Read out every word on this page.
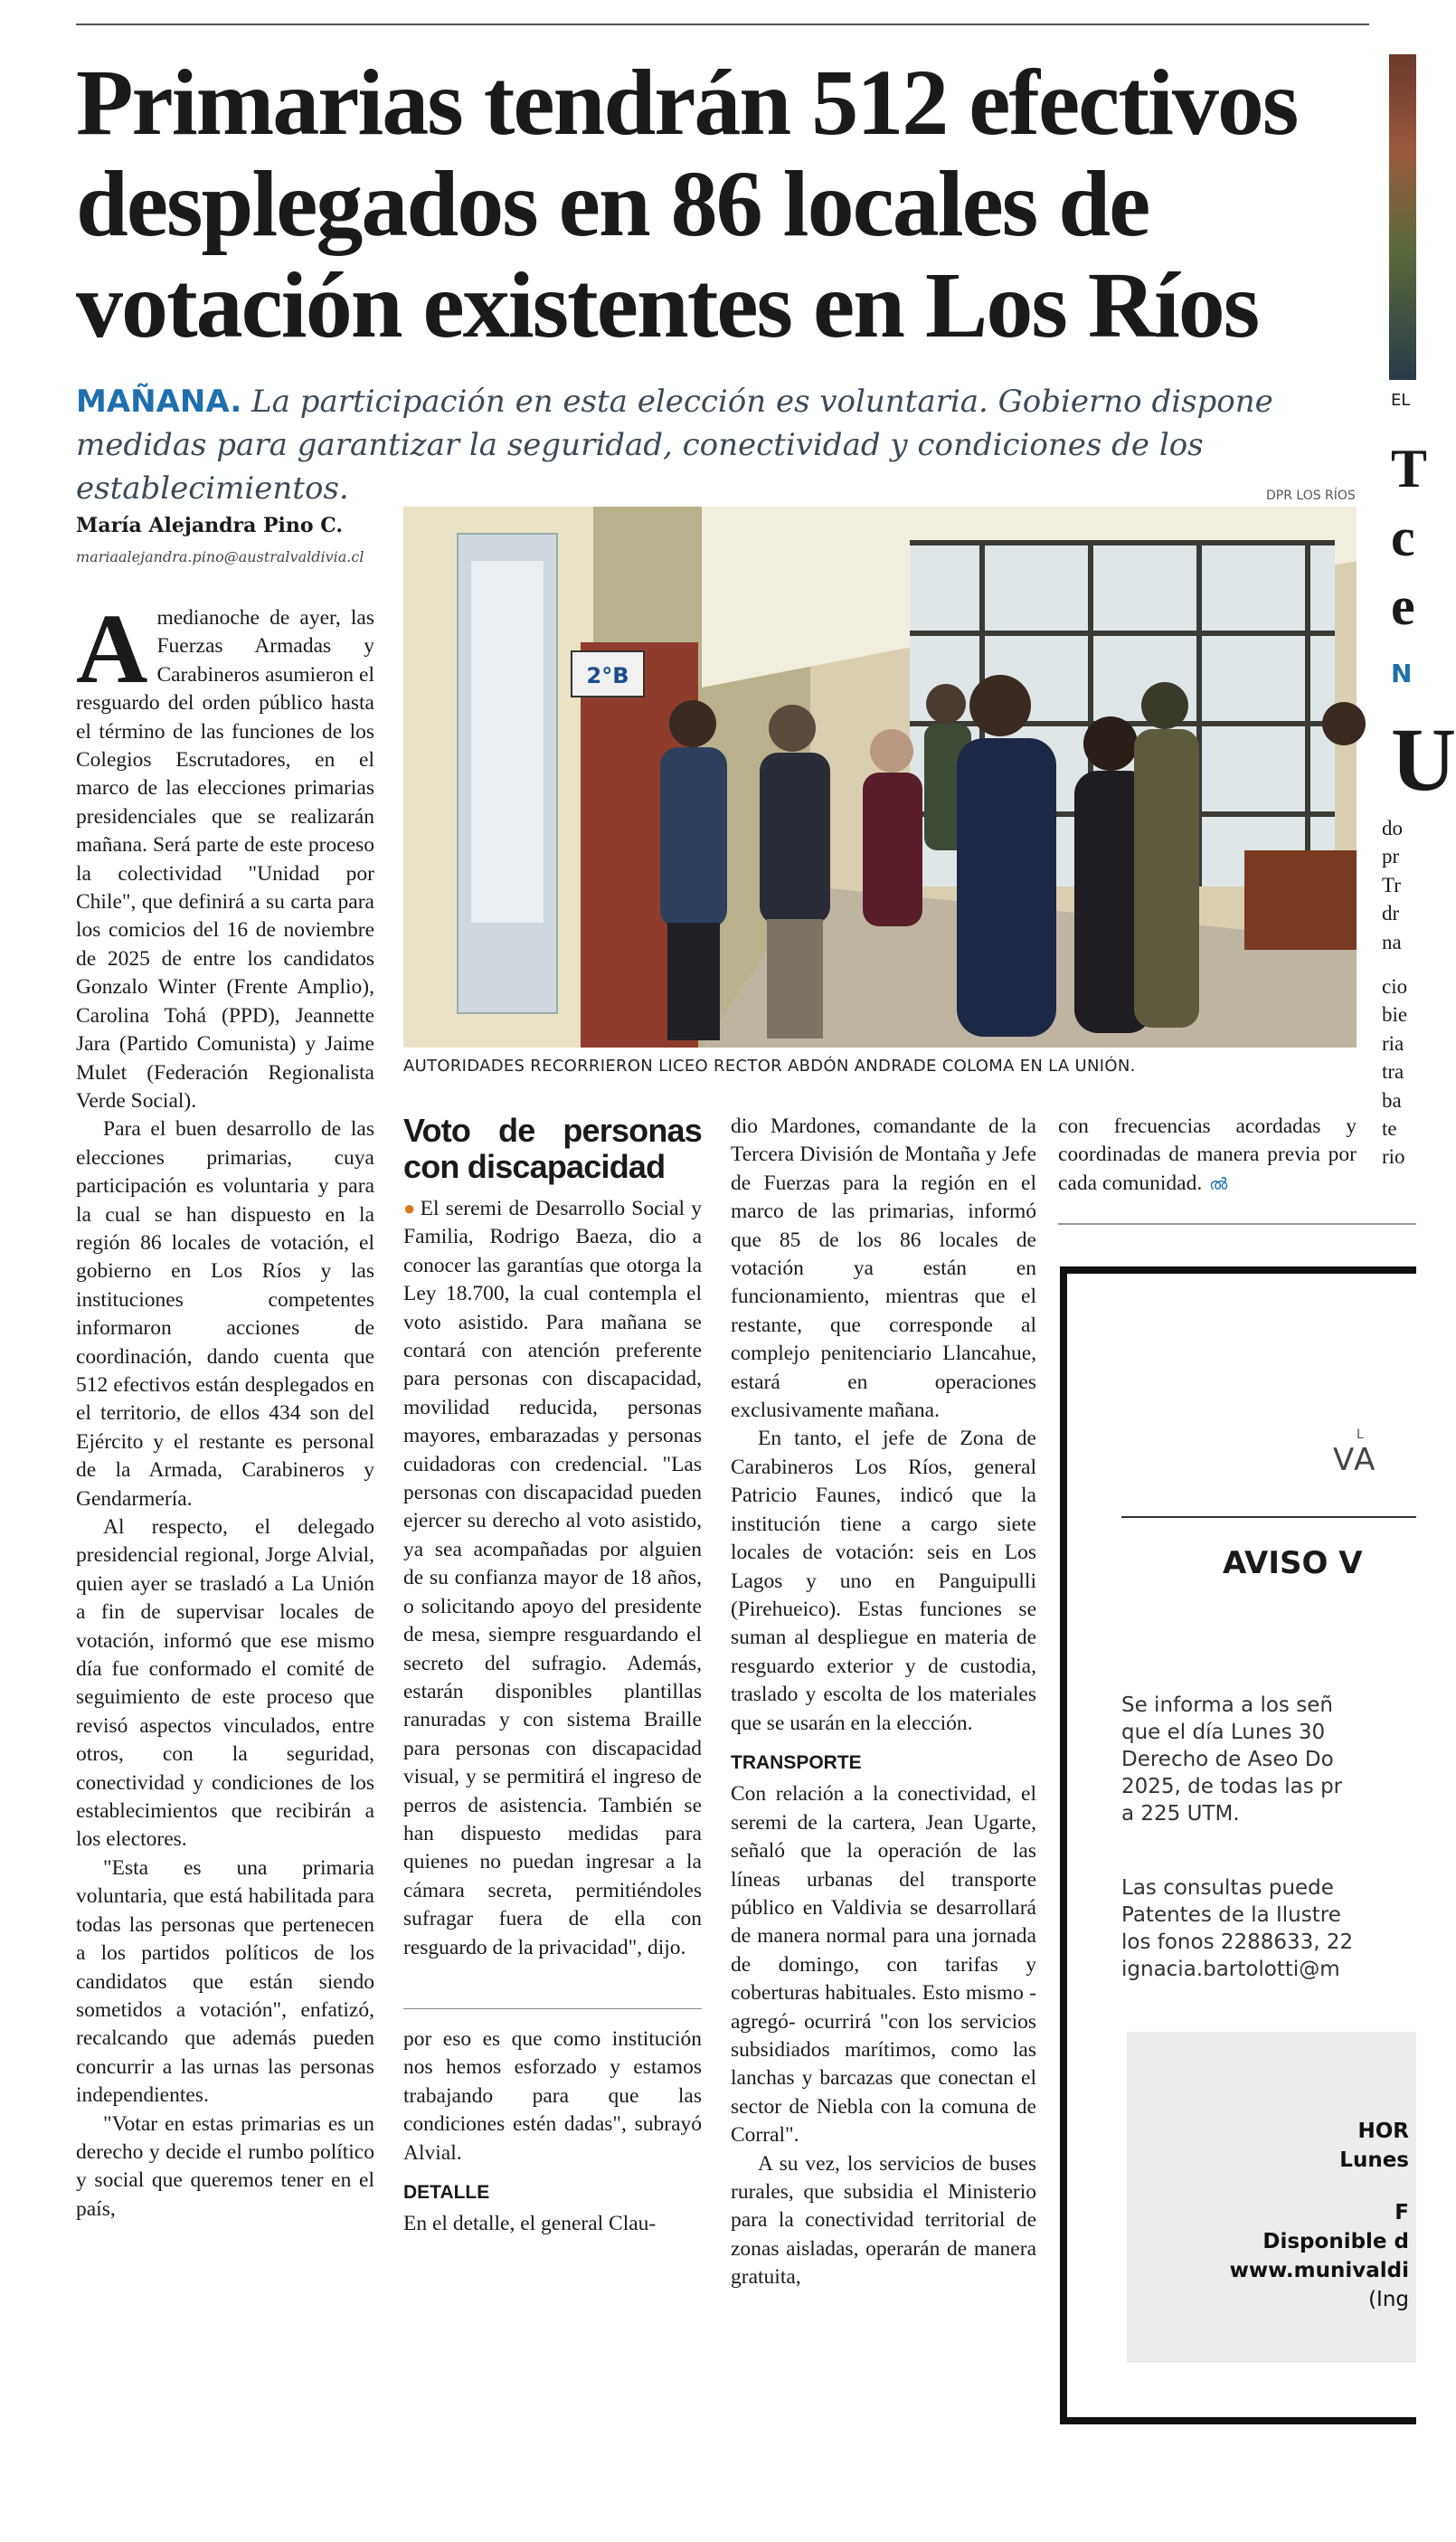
Primarias tendrán 512 efectivos
desplegados en 86 locales de
votación existentes en Los Ríos
MAÑANA. La participación en esta elección es voluntaria. Gobierno dispone medidas para garantizar la seguridad, conectividad y condiciones de los establecimientos.
María Alejandra Pino C.
mariaalejandra.pino@australvaldivia.cl
DPR LOS RÍOS
2°B
AUTORIDADES RECORRIERON LICEO RECTOR ABDÓN ANDRADE COLOMA EN LA UNIÓN.

A medianoche de ayer, las Fuerzas Armadas y Carabineros asumieron el resguardo del orden público hasta el término de las funciones de los Colegios Escrutadores, en el marco de las elecciones primarias presidenciales que se realizarán mañana. Será parte de este proceso la colectividad "Unidad por Chile", que definirá a su carta para los comicios del 16 de noviembre de 2025 de entre los candidatos Gonzalo Winter (Frente Amplio), Carolina Tohá (PPD), Jeannette Jara (Partido Comunista) y Jaime Mulet (Federación Regionalista Verde Social).

Para el buen desarrollo de las elecciones primarias, cuya participación es voluntaria y para la cual se han dispuesto en la región 86 locales de votación, el gobierno en Los Ríos y las instituciones competentes informaron acciones de coordinación, dando cuenta que 512 efectivos están desplegados en el territorio, de ellos 434 son del Ejército y el restante es personal de la Armada, Carabineros y Gendarmería.

Al respecto, el delegado presidencial regional, Jorge Alvial, quien ayer se trasladó a La Unión a fin de supervisar locales de votación, informó que ese mismo día fue conformado el comité de seguimiento de este proceso que revisó aspectos vinculados, entre otros, con la seguridad, conectividad y condiciones de los establecimientos que recibirán a los electores.

"Esta es una primaria voluntaria, que está habilitada para todas las personas que pertenecen a los partidos políticos de los candidatos que están siendo sometidos a votación", enfatizó, recalcando que además pueden concurrir a las urnas las personas independientes.

"Votar en estas primarias es un derecho y decide el rumbo político y social que queremos tener en el país,

Voto de personas con discapacidad

● El seremi de Desarrollo Social y Familia, Rodrigo Baeza, dio a conocer las garantías que otorga la Ley 18.700, la cual contempla el voto asistido. Para mañana se contará con atención preferente para personas con discapacidad, movilidad reducida, personas mayores, embarazadas y personas cuidadoras con credencial. "Las personas con discapacidad pueden ejercer su derecho al voto asistido, ya sea acompañadas por alguien de su confianza mayor de 18 años, o solicitando apoyo del presidente de mesa, siempre resguardando el secreto del sufragio. Además, estarán disponibles plantillas ranuradas y con sistema Braille para personas con discapacidad visual, y se permitirá el ingreso de perros de asistencia. También se han dispuesto medidas para quienes no puedan ingresar a la cámara secreta, permitiéndoles sufragar fuera de ella con resguardo de la privacidad", dijo.

por eso es que como institución nos hemos esforzado y estamos trabajando para que las condiciones estén dadas", subrayó Alvial.

DETALLE

En el detalle, el general Clau-

dio Mardones, comandante de la Tercera División de Montaña y Jefe de Fuerzas para la región en el marco de las primarias, informó que 85 de los 86 locales de votación ya están en funcionamiento, mientras que el restante, que corresponde al complejo penitenciario Llancahue, estará en operaciones exclusivamente mañana.

En tanto, el jefe de Zona de Carabineros Los Ríos, general Patricio Faunes, indicó que la institución tiene a cargo siete locales de votación: seis en Los Lagos y uno en Panguipulli (Pirehueico). Estas funciones se suman al despliegue en materia de resguardo exterior y de custodia, traslado y escolta de los materiales que se usarán en la elección.

TRANSPORTE

Con relación a la conectividad, el seremi de la cartera, Jean Ugarte, señaló que la operación de las líneas urbanas del transporte público en Valdivia se desarrollará de manera normal para una jornada de domingo, con tarifas y coberturas habituales. Esto mismo -agregó- ocurrirá "con los servicios subsidiados marítimos, como las lanchas y barcazas que conectan el sector de Niebla con la comuna de Corral".

A su vez, los servicios de buses rurales, que subsidia el Ministerio para la conectividad territorial de zonas aisladas, operarán de manera gratuita,

con frecuencias acordadas y coordinadas de manera previa por cada comunidad. ൽ

EL
T
c
e
N
U
do
pr
Tr
dr
na
cio
bie
ria
tra
ba
te
rio
L
VA
AVISO V
Se informa a los señ
que el día Lunes 30
Derecho de Aseo Do
2025, de todas las pr
a 225 UTM.
Las consultas puede
Patentes de la Ilustre
los fonos 2288633, 22
ignacia.bartolotti@m
HOR
Lunes
F
Disponible d
www.munivaldi
(Ing
